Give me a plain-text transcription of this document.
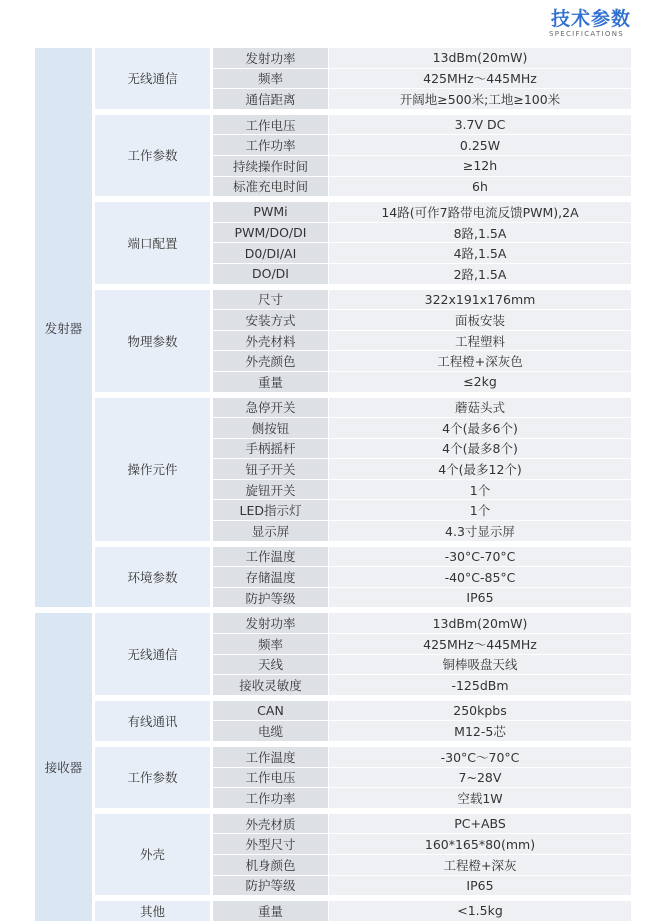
技术参数
SPECIFICATIONS
发射器	无线通信	发射功率	13dBm(20mW)
		频率	425MHz～445MHz
		通信距离	开阔地≥500米;工地≥100米

	工作参数	工作电压	3.7V DC
		工作功率	0.25W
		持续操作时间	≥12h
		标准充电时间	6h

	端口配置	PWMi	14路(可作7路带电流反馈PWM),2A
		PWM/DO/DI	8路,1.5A
		D0/DI/AI	4路,1.5A
		DO/DI	2路,1.5A

	物理参数	尺寸	322x191x176mm
		安装方式	面板安装
		外壳材料	工程塑料
		外壳颜色	工程橙+深灰色
		重量	≤2kg

	操作元件	急停开关	蘑菇头式
		侧按钮	4个(最多6个)
		手柄摇杆	4个(最多8个)
		钮子开关	4个(最多12个)
		旋钮开关	1个
		LED指示灯	1个
		显示屏	4.3寸显示屏

	环境参数	工作温度	-30°C-70°C
		存储温度	-40°C-85°C
		防护等级	IP65

接收器	无线通信	发射功率	13dBm(20mW)
		频率	425MHz～445MHz
		天线	铜棒吸盘天线
		接收灵敏度	-125dBm

	有线通讯	CAN	250kpbs
		电缆	M12-5芯

	工作参数	工作温度	-30°C～70°C
		工作电压	7~28V
		工作功率	空载1W

	外壳	外壳材质	PC+ABS
		外型尺寸	160*165*80(mm)
		机身颜色	工程橙+深灰
		防护等级	IP65

	其他	重量	<1.5kg
